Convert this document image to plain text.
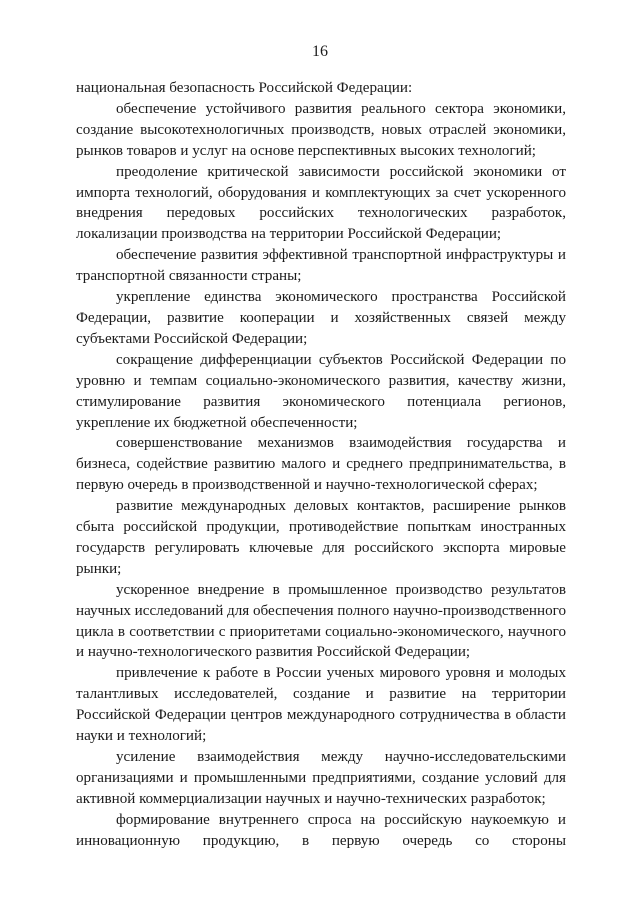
16

национальная безопасность Российской Федерации:

обеспечение устойчивого развития реального сектора экономики, создание высокотехнологичных производств, новых отраслей экономики, рынков товаров и услуг на основе перспективных высоких технологий;

преодоление критической зависимости российской экономики от импорта технологий, оборудования и комплектующих за счет ускоренного внедрения передовых российских технологических разработок, локализации производства на территории Российской Федерации;

обеспечение развития эффективной транспортной инфраструктуры и транспортной связанности страны;

укрепление единства экономического пространства Российской Федерации, развитие кооперации и хозяйственных связей между субъектами Российской Федерации;

сокращение дифференциации субъектов Российской Федерации по уровню и темпам социально-экономического развития, качеству жизни, стимулирование развития экономического потенциала регионов, укрепление их бюджетной обеспеченности;

совершенствование механизмов взаимодействия государства и бизнеса, содействие развитию малого и среднего предпринимательства, в первую очередь в производственной и научно-технологической сферах;

развитие международных деловых контактов, расширение рынков сбыта российской продукции, противодействие попыткам иностранных государств регулировать ключевые для российского экспорта мировые рынки;

ускоренное внедрение в промышленное производство результатов научных исследований для обеспечения полного научно-производственного цикла в соответствии с приоритетами социально-экономического, научного и научно-технологического развития Российской Федерации;

привлечение к работе в России ученых мирового уровня и молодых талантливых исследователей, создание и развитие на территории Российской Федерации центров международного сотрудничества в области науки и технологий;

усиление взаимодействия между научно-исследовательскими организациями и промышленными предприятиями, создание условий для активной коммерциализации научных и научно-технических разработок;

формирование внутреннего спроса на российскую наукоемкую и инновационную продукцию, в первую очередь со стороны
